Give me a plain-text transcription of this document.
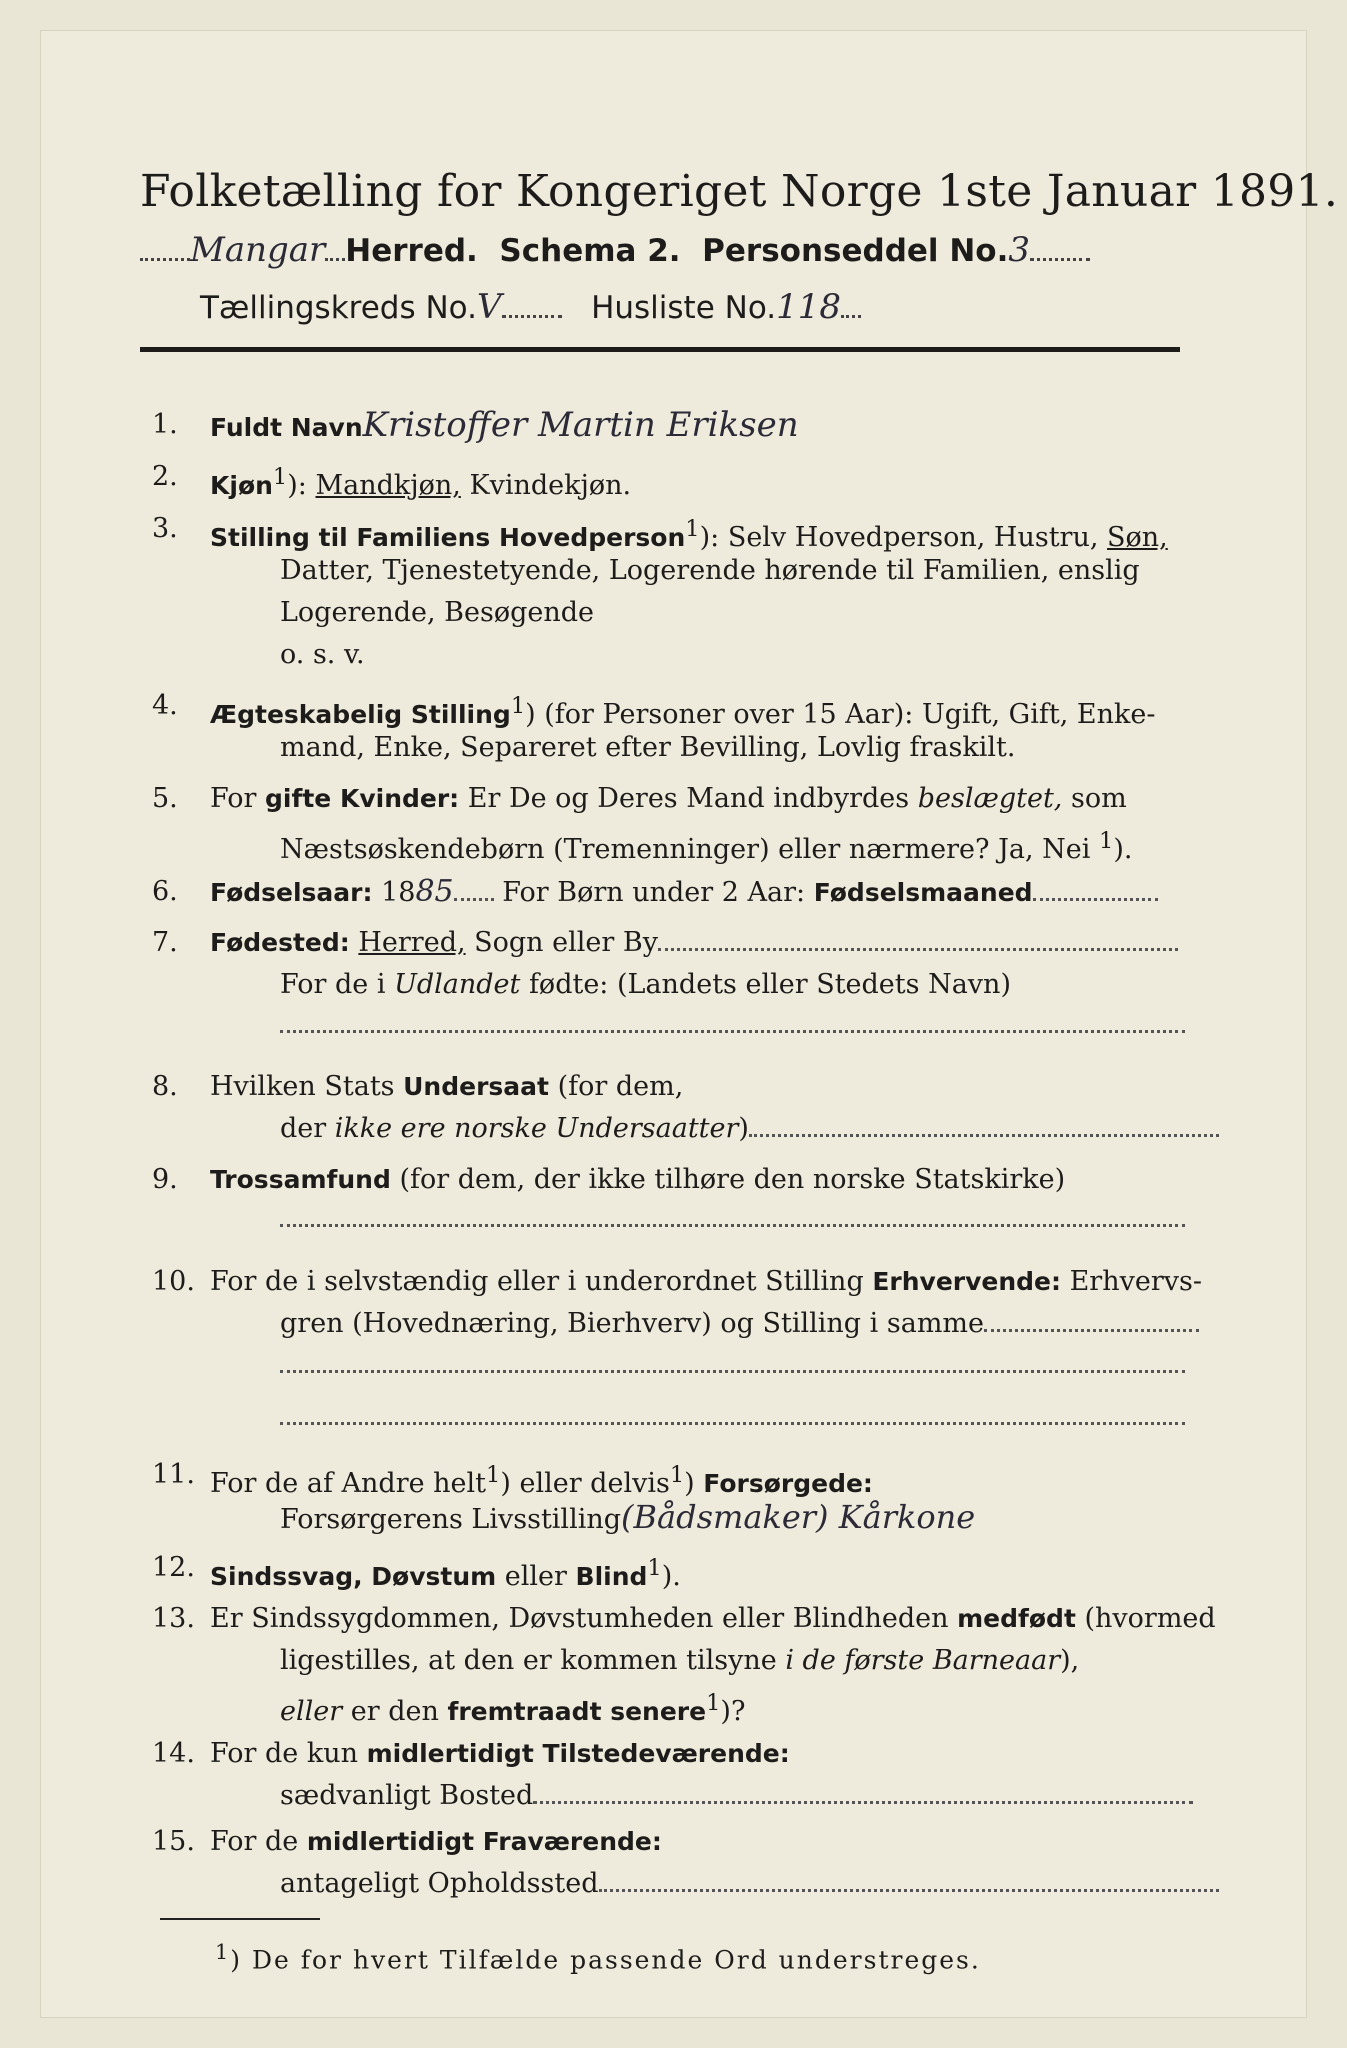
Folketælling for Kongeriget Norge 1ste Januar 1891.
Mangar Herred. Schema 2. Personseddel No.3
Tællingskreds No.V	Husliste No.118
1.	Fuldt NavnKristoffer Martin Eriksen
2.	Kjøn$^1$): Mandkjøn, Kvindekjøn.
3.	Stilling til Familiens Hovedperson$^1$): Selv Hovedperson, Hustru, Søn,
Datter, Tjenestetyende, Logerende hørende til Familien, enslig
Logerende, Besøgende
o. s. v.
4.	Ægteskabelig Stilling$^1$) (for Personer over 15 Aar): Ugift, Gift, Enke-
mand, Enke, Separeret efter Bevilling, Lovlig fraskilt.
5.	For gifte Kvinder: Er De og Deres Mand indbyrdes beslægtet, som
Næstsøskendebørn (Tremenninger) eller nærmere? Ja, Nei $^1$).
6.	Fødselsaar: 1885 For Børn under 2 Aar: Fødselsmaaned
7.	Fødested: Herred, Sogn eller By
For de i Udlandet fødte: (Landets eller Stedets Navn)
8.	Hvilken Stats Undersaat (for dem,
der ikke ere norske Undersaatter)
9.	Trossamfund (for dem, der ikke tilhøre den norske Statskirke)
10. For de i selvstændig eller i underordnet Stilling Erhvervende: Erhvervs-
gren (Hovednæring, Bierhverv) og Stilling i samme
11. For de af Andre helt$^1$) eller delvis$^1$) Forsørgede:
Forsørgerens Livsstilling(Bådsmaker) Kårkone
12. Sindssvag, Døvstum eller Blind$^1$).
13. Er Sindssygdommen, Døvstumheden eller Blindheden medfødt (hvormed
ligestilles, at den er kommen tilsyne i de første Barneaar),
eller er den fremtraadt senere$^1$)?
14. For de kun midlertidigt Tilstedeværende:
sædvanligt Bosted
$^1$) De for hvert Tilfælde passende Ord understreges.
15. For de midlertidigt Fraværende:
antageligt Opholdssted
